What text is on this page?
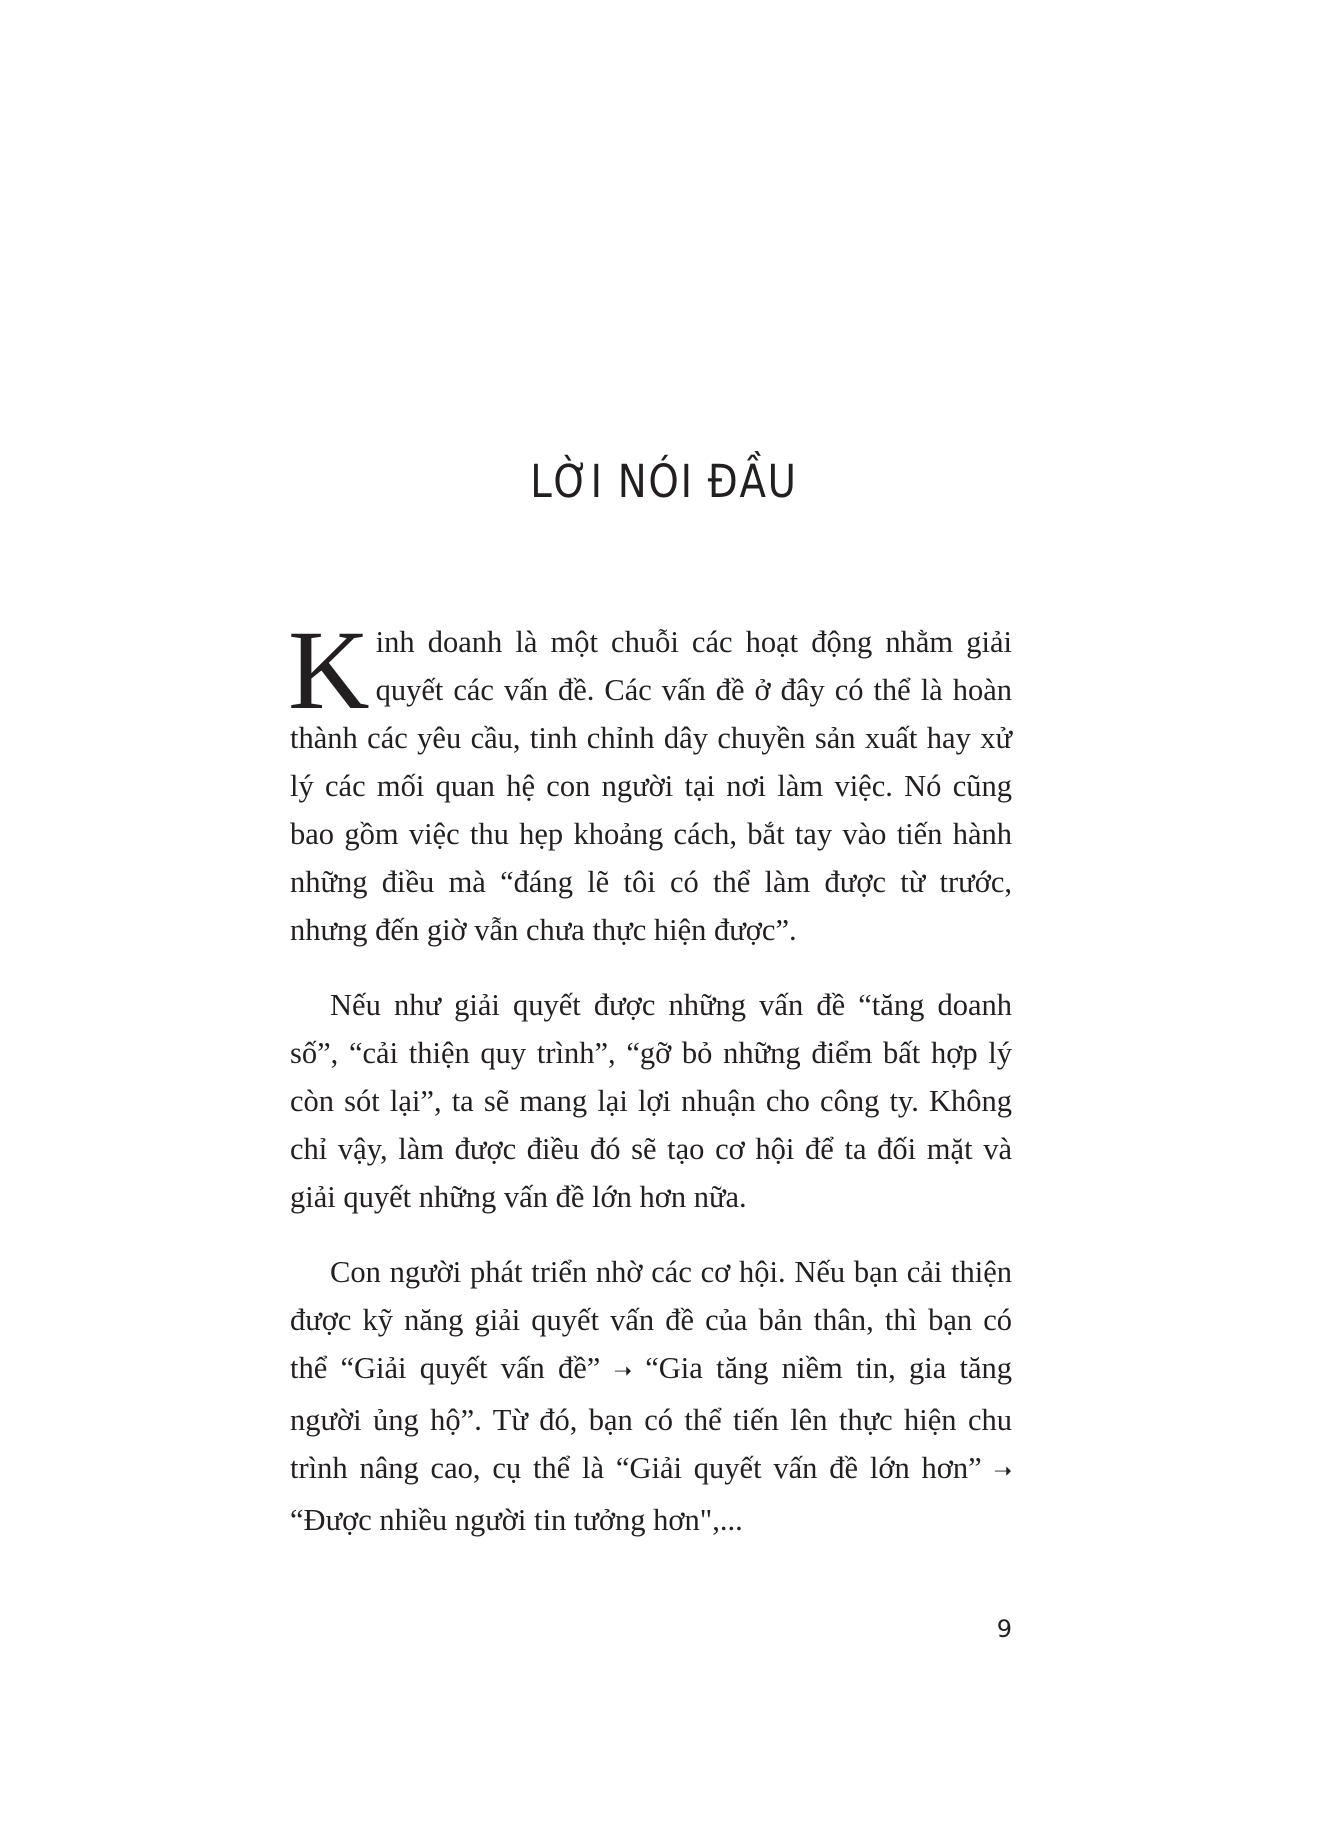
LỜI NÓI ĐẦU

Kinh doanh là một chuỗi các hoạt động nhằm giải quyết các vấn đề. Các vấn đề ở đây có thể là hoàn thành các yêu cầu, tinh chỉnh dây chuyền sản xuất hay xử lý các mối quan hệ con người tại nơi làm việc. Nó cũng bao gồm việc thu hẹp khoảng cách, bắt tay vào tiến hành những điều mà “đáng lẽ tôi có thể làm được từ trước, nhưng đến giờ vẫn chưa thực hiện được”.

Nếu như giải quyết được những vấn đề “tăng doanh số”, “cải thiện quy trình”, “gỡ bỏ những điểm bất hợp lý còn sót lại”, ta sẽ mang lại lợi nhuận cho công ty. Không chỉ vậy, làm được điều đó sẽ tạo cơ hội để ta đối mặt và giải quyết những vấn đề lớn hơn nữa.

Con người phát triển nhờ các cơ hội. Nếu bạn cải thiện được kỹ năng giải quyết vấn đề của bản thân, thì bạn có thể “Giải quyết vấn đề” ➝ “Gia tăng niềm tin, gia tăng người ủng hộ”. Từ đó, bạn có thể tiến lên thực hiện chu trình nâng cao, cụ thể là “Giải quyết vấn đề lớn hơn” ➝ “Được nhiều người tin tưởng hơn",...

9
